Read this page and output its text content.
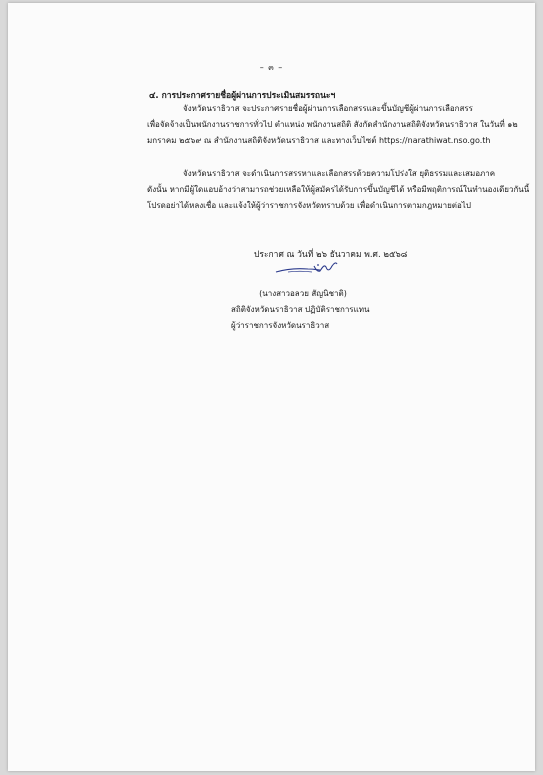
– ๓ –
๔. การประกาศรายชื่อผู้ผ่านการประเมินสมรรถนะฯ
จังหวัดนราธิวาส จะประกาศรายชื่อผู้ผ่านการเลือกสรรและขึ้นบัญชีผู้ผ่านการเลือกสรร
เพื่อจัดจ้างเป็นพนักงานราชการทั่วไป ตำแหน่ง พนักงานสถิติ สังกัดสำนักงานสถิติจังหวัดนราธิวาส ในวันที่ ๑๒
มกราคม ๒๕๖๙ ณ สำนักงานสถิติจังหวัดนราธิวาส และทางเว็บไซต์ https://narathiwat.nso.go.th
จังหวัดนราธิวาส จะดำเนินการสรรหาและเลือกสรรด้วยความโปร่งใส ยุติธรรมและเสมอภาค
ดังนั้น หากมีผู้ใดแอบอ้างว่าสามารถช่วยเหลือให้ผู้สมัครได้รับการขึ้นบัญชีได้ หรือมีพฤติการณ์ในทำนองเดียวกันนี้
โปรดอย่าได้หลงเชื่อ และแจ้งให้ผู้ว่าราชการจังหวัดทราบด้วย เพื่อดำเนินการตามกฎหมายต่อไป
ประกาศ ณ วันที่ ๒๖ ธันวาคม พ.ศ. ๒๕๖๘
(นางสาวอลวย สัญนิชาติ)
สถิติจังหวัดนราธิวาส ปฏิบัติราชการแทน
ผู้ว่าราชการจังหวัดนราธิวาส
